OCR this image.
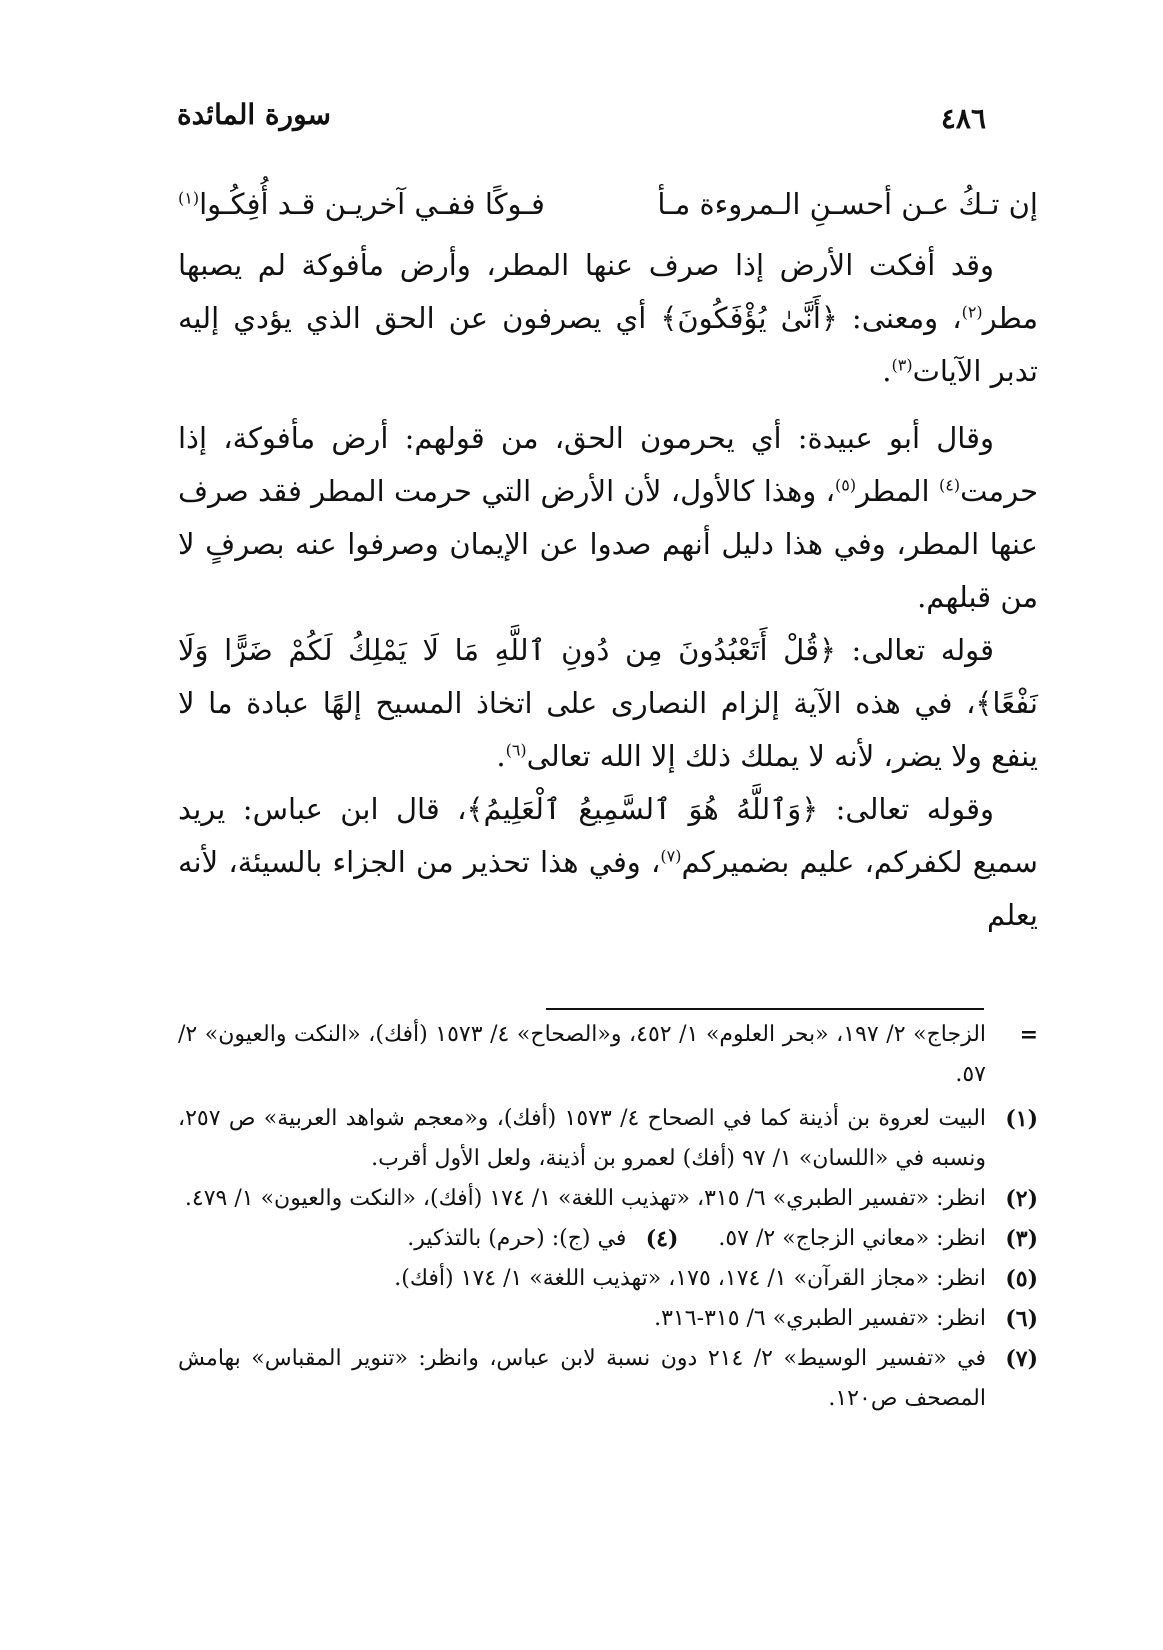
٤٨٦
سورة المائدة

إن تـكُ عـن أحسـنِ الـمروءة مـأ
فـوكًا ففـي آخريـن قـد أُفِكُـوا$^{(١)}$

وقد أفكت الأرض إذا صرف عنها المطر، وأرض مأفوكة لم يصبها مطر$^{(٢)}$، ومعنى: ﴿أَنَّىٰ يُؤْفَكُونَ﴾ أي يصرفون عن الحق الذي يؤدي إليه تدبر الآيات$^{(٣)}$.

وقال أبو عبيدة: أي يحرمون الحق، من قولهم: أرض مأفوكة، إذا حرمت$^{(٤)}$ المطر$^{(٥)}$، وهذا كالأول، لأن الأرض التي حرمت المطر فقد صرف عنها المطر، وفي هذا دليل أنهم صدوا عن الإيمان وصرفوا عنه بصرفٍ لا من قبلهم.

قوله تعالى: ﴿قُلْ أَتَعْبُدُونَ مِن دُونِ ٱللَّهِ مَا لَا يَمْلِكُ لَكُمْ ضَرًّا وَلَا نَفْعًا﴾، في هذه الآية إلزام النصارى على اتخاذ المسيح إلهًا عبادة ما لا ينفع ولا يضر، لأنه لا يملك ذلك إلا الله تعالى$^{(٦)}$.

وقوله تعالى: ﴿وَٱللَّهُ هُوَ ٱلسَّمِيعُ ٱلْعَلِيمُ﴾، قال ابن عباس: يريد سميع لكفركم، عليم بضميركم$^{(٧)}$، وفي هذا تحذير من الجزاء بالسيئة، لأنه يعلم

=
الزجاج» ٢/ ١٩٧، «بحر العلوم» ١/ ٤٥٢، و«الصحاح» ٤/ ١٥٧٣ (أفك)، «النكت والعيون» ٢/ ٥٧.
(١)
البيت لعروة بن أذينة كما في الصحاح ٤/ ١٥٧٣ (أفك)، و«معجم شواهد العربية» ص ٢٥٧، ونسبه في «اللسان» ١/ ٩٧ (أفك) لعمرو بن أذينة، ولعل الأول أقرب.
(٢)
انظر: «تفسير الطبري» ٦/ ٣١٥، «تهذيب اللغة» ١/ ١٧٤ (أفك)، «النكت والعيون» ١/ ٤٧٩.
(٣)
انظر: «معاني الزجاج» ٢/ ٥٧.
(٤)
في (ج): (حرم) بالتذكير.
(٥)
انظر: «مجاز القرآن» ١/ ١٧٤، ١٧٥، «تهذيب اللغة» ١/ ١٧٤ (أفك).
(٦)
انظر: «تفسير الطبري» ٦/ ٣١٥-٣١٦.
(٧)
في «تفسير الوسيط» ٢/ ٢١٤ دون نسبة لابن عباس، وانظر: «تنوير المقباس» بهامش المصحف ص١٢٠.
